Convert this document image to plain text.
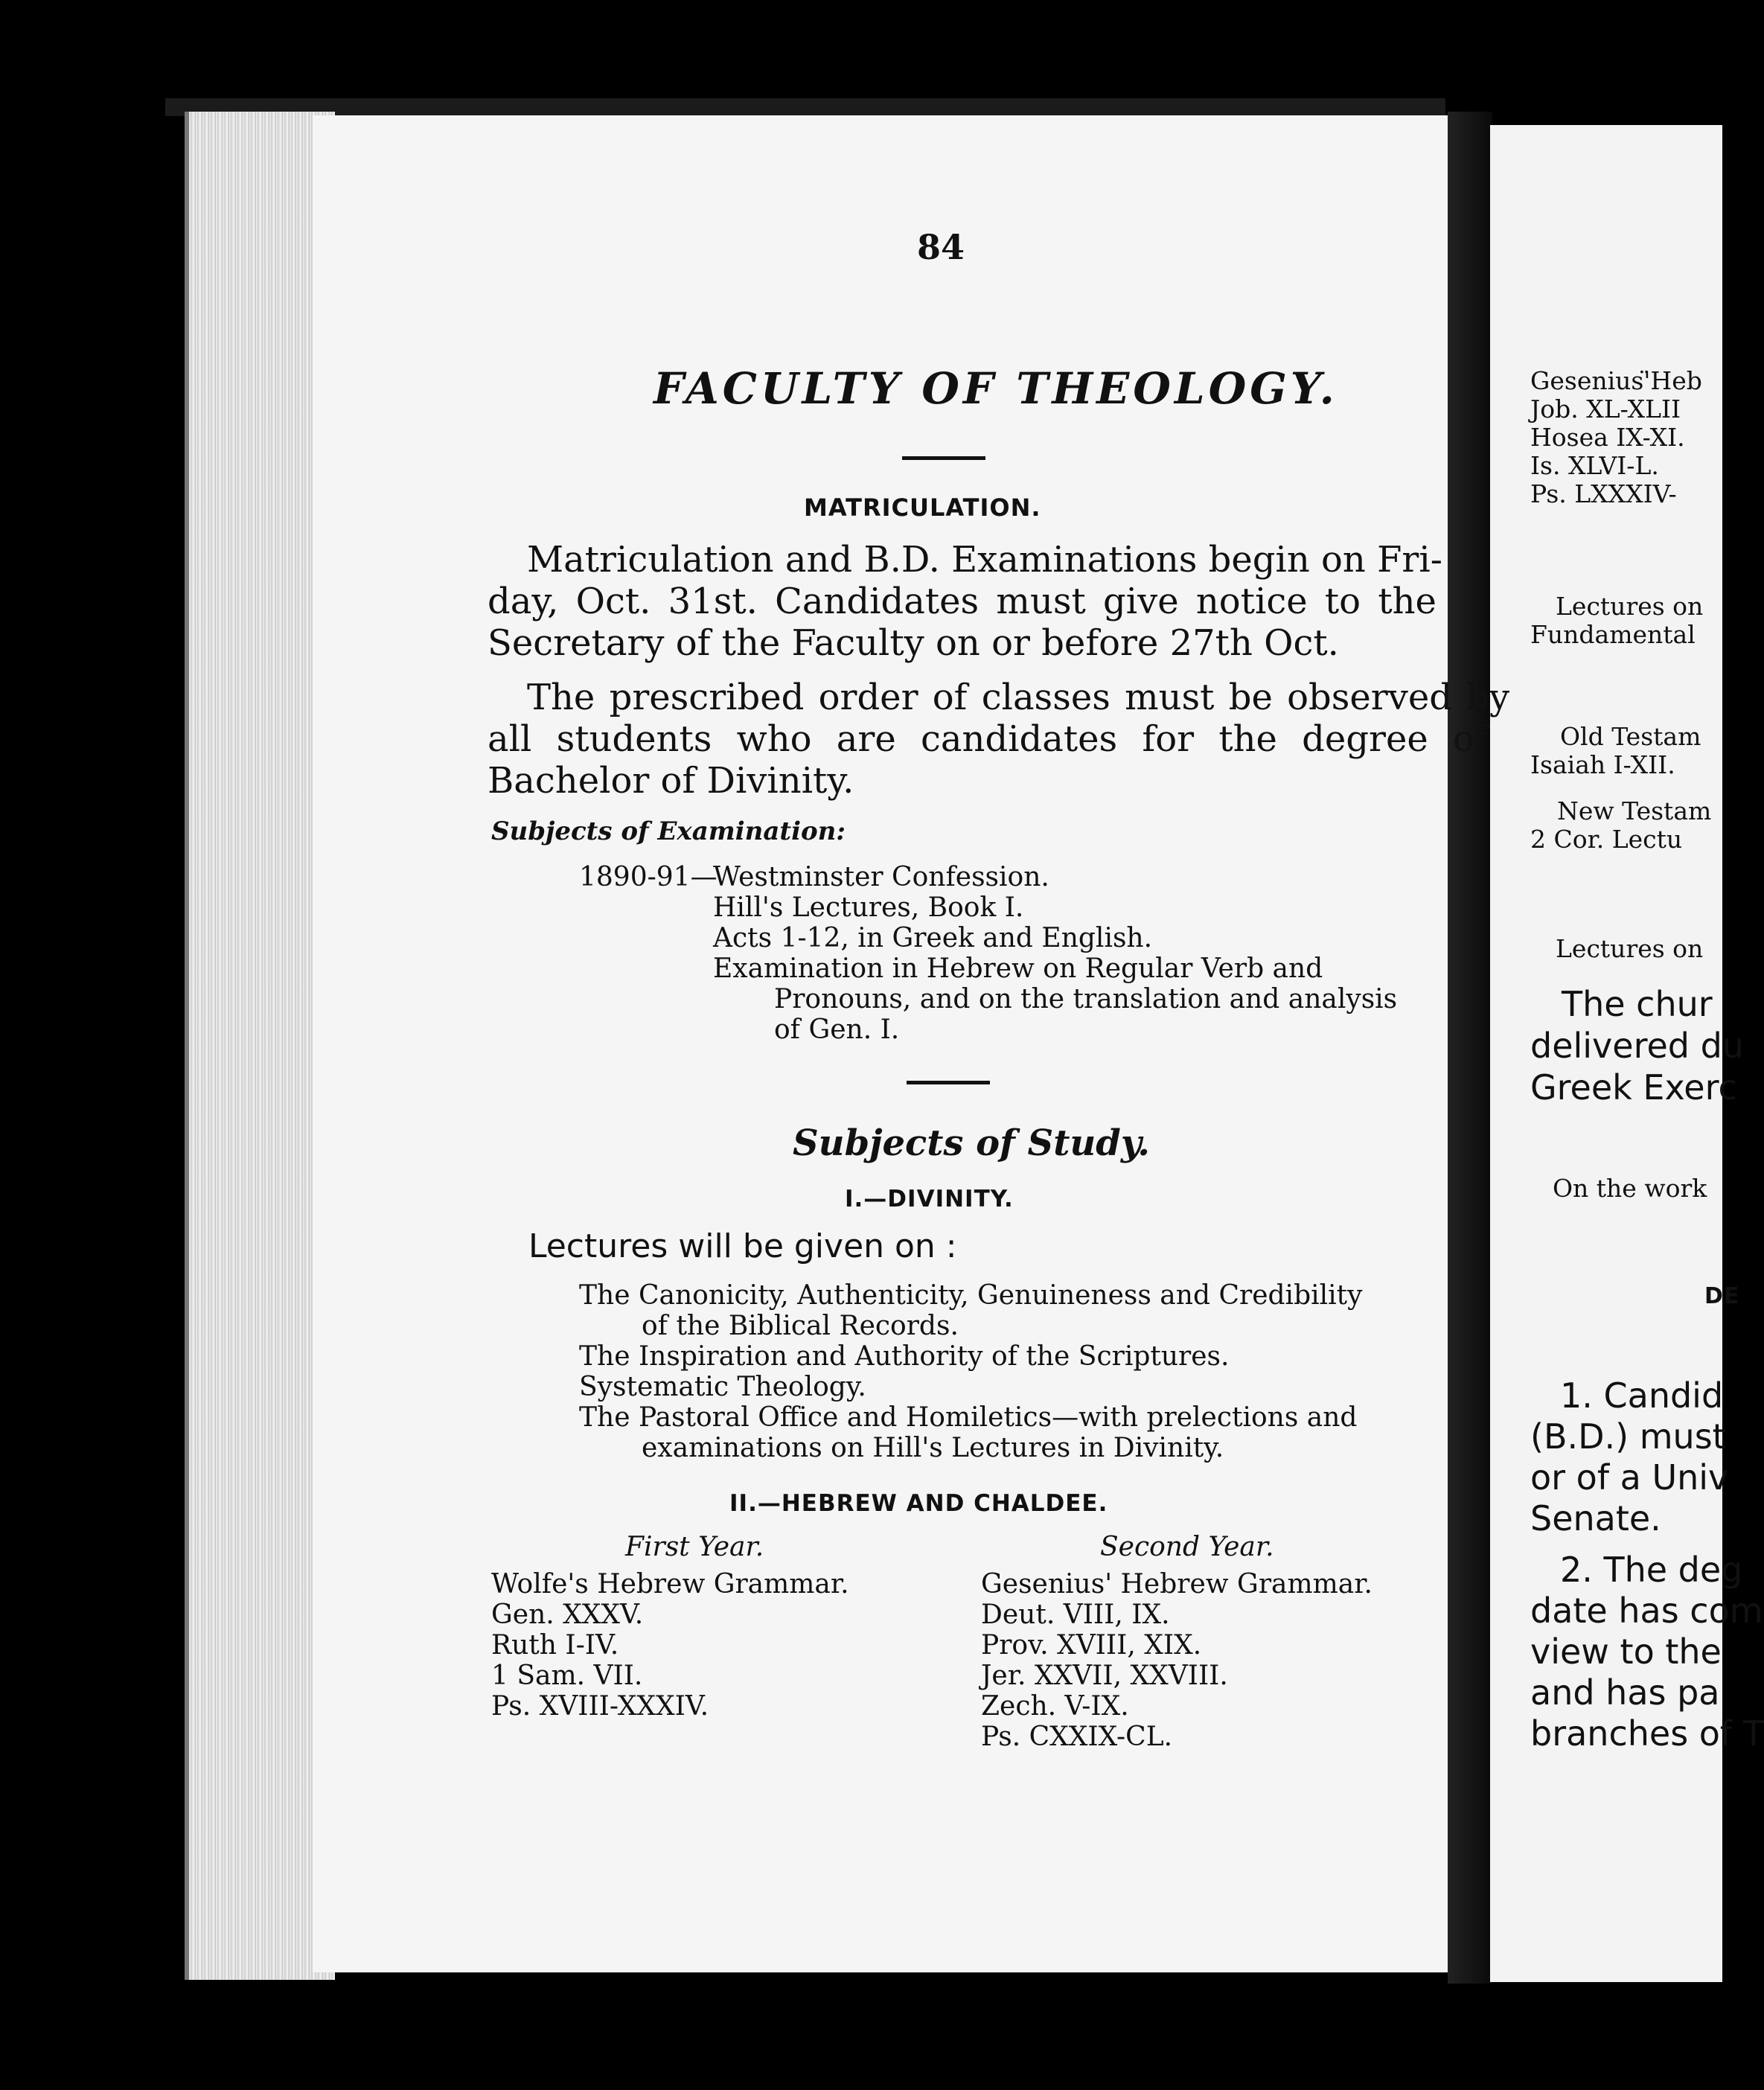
84
FACULTY OF THEOLOGY.
MATRICULATION.
Matriculation and B.D. Examinations begin on Fri-
day, Oct. 31st. Candidates must give notice to the
Secretary of the Faculty on or before 27th Oct.
The prescribed order of classes must be observed by
all students who are candidates for the degree of
Bachelor of Divinity.
Subjects of Examination:
1890-91—
Westminster Confession.
Hill's Lectures, Book I.
Acts 1-12, in Greek and English.
Examination in Hebrew on Regular Verb and
Pronouns, and on the translation and analysis
of Gen. I.
Subjects of Study.
I.—DIVINITY.
Lectures will be given on :
The Canonicity, Authenticity, Genuineness and Credibility
of the Biblical Records.
The Inspiration and Authority of the Scriptures.
Systematic Theology.
The Pastoral Office and Homiletics—with prelections and
examinations on Hill's Lectures in Divinity.
II.—HEBREW AND CHALDEE.
First Year.	Second Year.
Wolfe's Hebrew Grammar.
Gen. XXXV.
Ruth I-IV.
1 Sam. VII.
Ps. XVIII-XXXIV.
Gesenius' Hebrew Grammar.
Deut. VIII, IX.
Prov. XVIII, XIX.
Jer. XXVII, XXVIII.
Zech. V-IX.
Ps. CXXIX-CL.
Gesenius'̈Heb
Job. XL-XLII
Hosea IX-XI.
Is. XLVI-L.
Ps. LXXXIV-
Lectures on
Fundamental
Old Testam
Isaiah I-XII.
New Testam
2 Cor. Lectu
Lectures on
The chur
delivered du
Greek Exerc
On the work
DE
1. Candid
(B.D.) must
or of a Univ
Senate.
2. The deg
date has com
view to the
and has pa
branches of T
